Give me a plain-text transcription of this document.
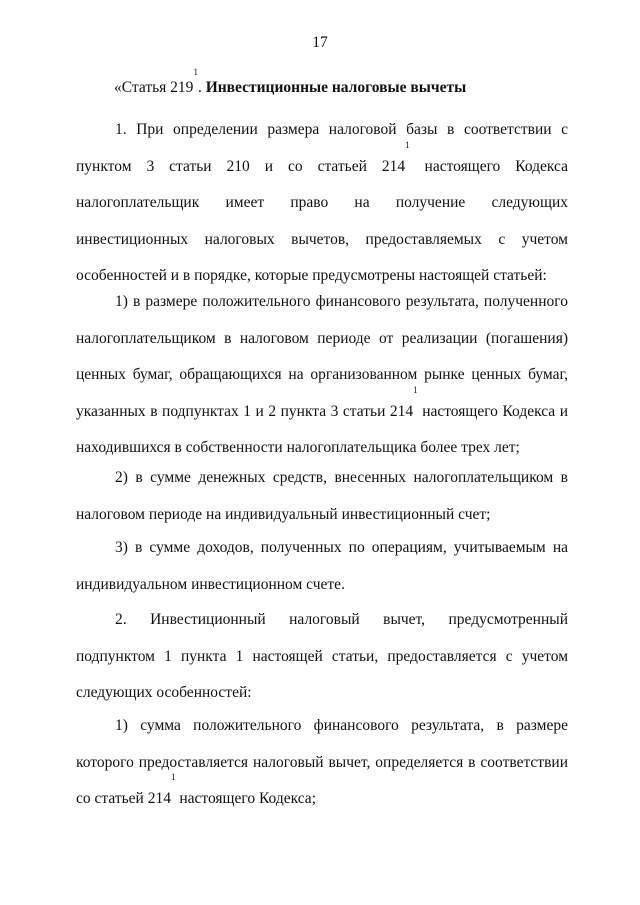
17
«Статья $219^1$. Инвестиционные налоговые вычеты

1. При определении размера налоговой базы в соответствии с пунктом 3 статьи 210 и со статьей $214^1$ настоящего Кодекса налогоплательщик имеет право на получение следующих инвестиционных налоговых вычетов, предоставляемых с учетом особенностей и в порядке, которые предусмотрены настоящей статьей:

1) в размере положительного финансового результата, полученного налогоплательщиком в налоговом периоде от реализации (погашения) ценных бумаг, обращающихся на организованном рынке ценных бумаг, указанных в подпунктах 1 и 2 пункта 3 статьи $214^1$ настоящего Кодекса и находившихся в собственности налогоплательщика более трех лет;

2) в сумме денежных средств, внесенных налогоплательщиком в налоговом периоде на индивидуальный инвестиционный счет;

3) в сумме доходов, полученных по операциям, учитываемым на индивидуальном инвестиционном счете.

2. Инвестиционный налоговый вычет, предусмотренный подпунктом 1 пункта 1 настоящей статьи, предоставляется с учетом следующих особенностей:

1) сумма положительного финансового результата, в размере которого предоставляется налоговый вычет, определяется в соответствии со статьей $214^1$ настоящего Кодекса;
